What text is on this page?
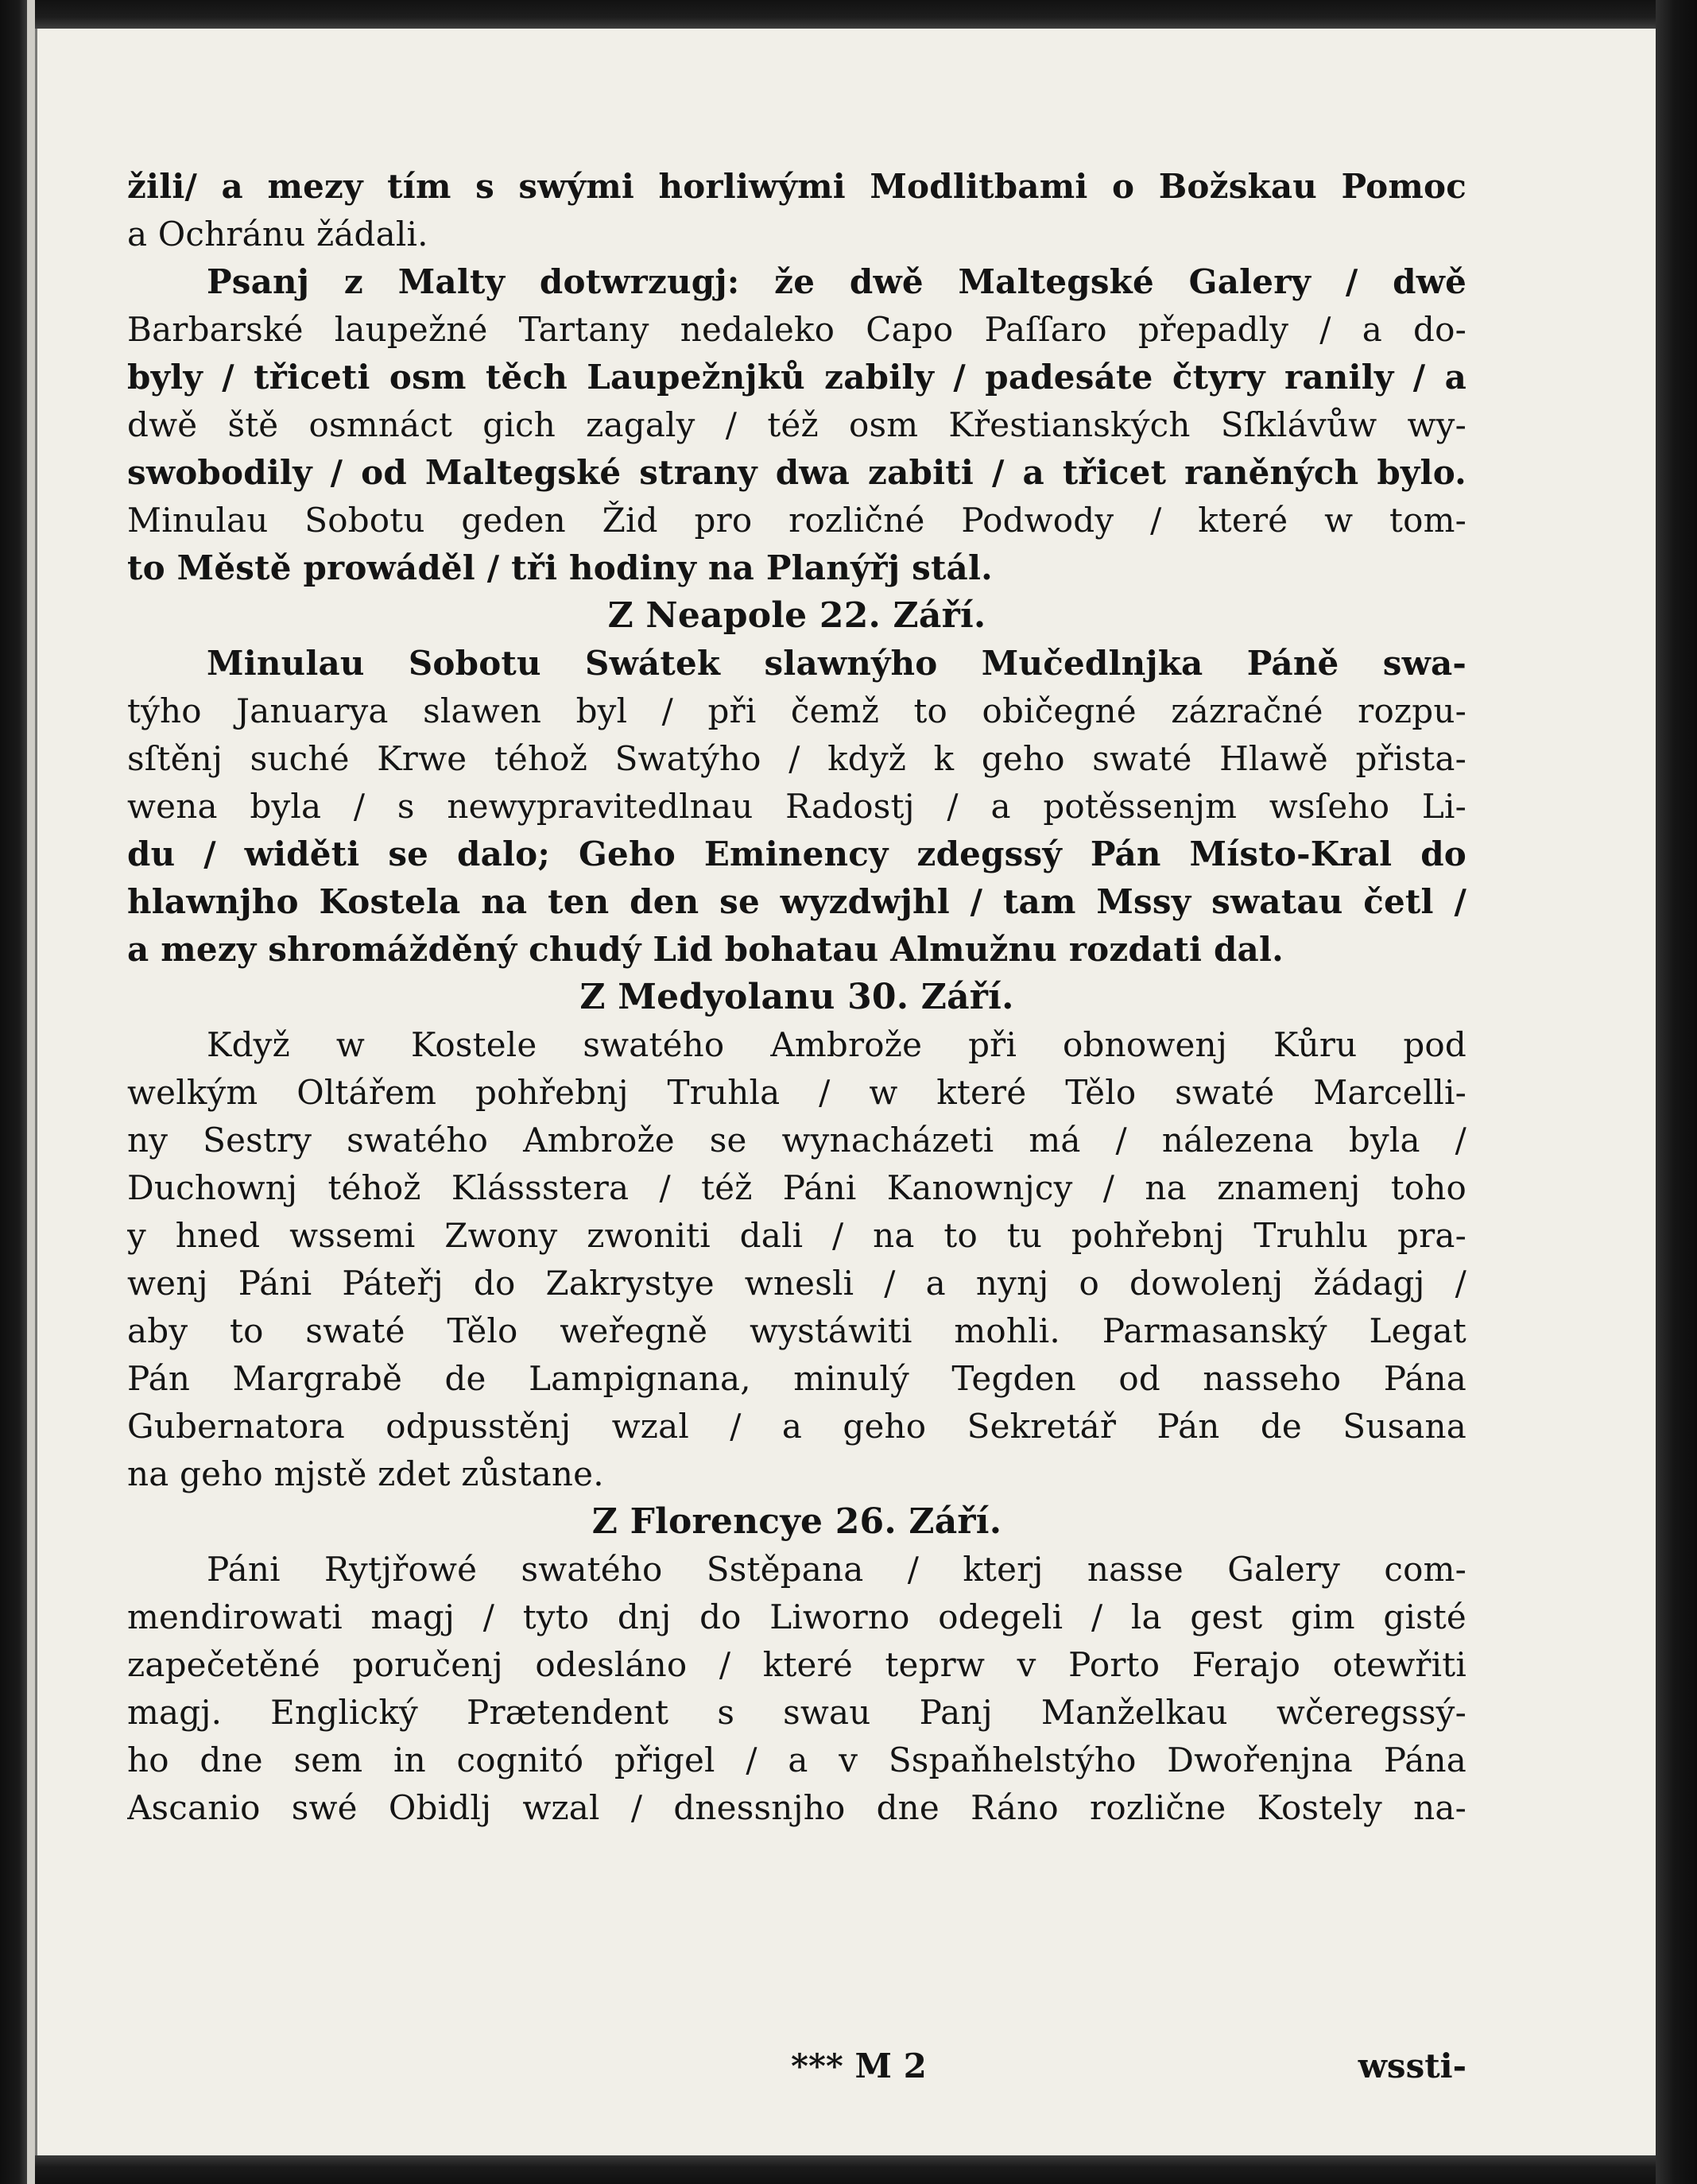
žili/ a mezy tím s swými horliwými Modlitbami o Božskau Pomoc
a Ochránu žádali.
Psanj z Malty dotwrzugj: že dwě Maltegské Galery / dwě
Barbarské laupežné Tartany nedaleko Capo Paſſaro přepadly / a do-
byly / třiceti osm těch Laupežnjků zabily / padesáte čtyry ranily / a
dwě ště osmnáct gich zagaly / též osm Křestianských Sſklávůw wy-
swobodily / od Maltegské strany dwa zabiti / a třicet raněných bylo.
Minulau Sobotu geden Žid pro rozličné Podwody / které w tom-
to Městě prowáděl / tři hodiny na Planýřj stál.
Z Neapole 22. Září.
Minulau Sobotu Swátek slawnýho Mučedlnjka Páně swa-
týho Januarya slawen byl / při čemž to običegné zázračné rozpu-
sſtěnj suché Krwe téhož Swatýho / když k geho swaté Hlawě přista-
wena byla / s newypravitedlnau Radostj / a potěssenjm wsſeho Li-
du / widěti se dalo; Geho Eminency zdegssý Pán Místo-Kral do
hlawnjho Kostela na ten den se wyzdwjhl / tam Mssy swatau četl /
a mezy shromážděný chudý Lid bohatau Almužnu rozdati dal.
Z Medyolanu 30. Září.
Když w Kostele swatého Ambrože při obnowenj Kůru pod
welkým Oltářem pohřebnj Truhla / w které Tělo swaté Marcelli-
ny Sestry swatého Ambrože se wynacházeti má / nálezena byla /
Duchownj téhož Klássstera / též Páni Kanownjcy / na znamenj toho
y hned wssemi Zwony zwoniti dali / na to tu pohřebnj Truhlu pra-
wenj Páni Páteřj do Zakrystye wnesli / a nynj o dowolenj žádagj /
aby to swaté Tělo weřegně wystáwiti mohli. Parmasanský Legat
Pán Margrabě de Lampignana, minulý Tegden od nasseho Pána
Gubernatora odpusstěnj wzal / a geho Sekretář Pán de Susana
na geho mjstě zdet zůstane.
Z Florencye 26. Září.
Páni Rytjřowé swatého Sstěpana / kterj nasse Galery com-
mendirowati magj / tyto dnj do Liworno odegeli / la gest gim gisté
zapečetěné poručenj odesláno / které teprw v Porto Ferajo otewřiti
magj. Englický Prætendent s swau Panj Manželkau wčeregssý-
ho dne sem in cognitó přigel / a v Sspaňhelstýho Dwořenjna Pána
Ascanio swé Obidlj wzal / dnessnjho dne Ráno rozlične Kostely na-
*** M 2	wssti-
